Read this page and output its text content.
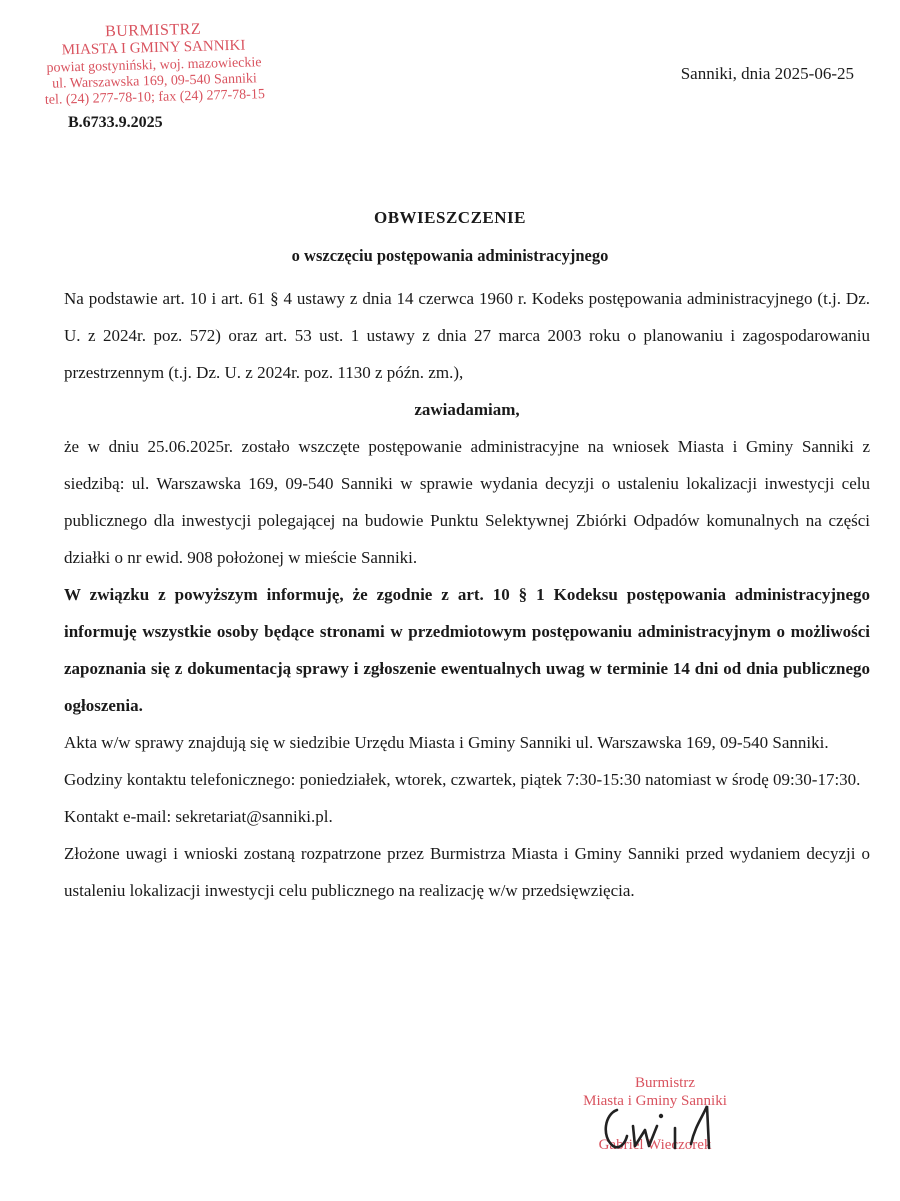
BURMISTRZ
MIASTA I GMINY SANNIKI
powiat gostyniński, woj. mazowieckie
ul. Warszawska 169, 09-540 Sanniki
tel. (24) 277-78-10; fax (24) 277-78-15
B.6733.9.2025
Sanniki, dnia 2025-06-25
OBWIESZCZENIE
o wszczęciu postępowania administracyjnego

Na podstawie art. 10 i art. 61 § 4 ustawy z dnia 14 czerwca 1960 r. Kodeks postępowania administracyjnego (t.j. Dz. U. z 2024r. poz. 572) oraz art. 53 ust. 1 ustawy z dnia 27 marca 2003 roku o planowaniu i zagospodarowaniu przestrzennym (t.j. Dz. U. z 2024r. poz. 1130 z późn. zm.),

zawiadamiam,

że w dniu 25.06.2025r. zostało wszczęte postępowanie administracyjne na wniosek Miasta i Gminy Sanniki z siedzibą: ul. Warszawska 169, 09-540 Sanniki w sprawie wydania decyzji o ustaleniu lokalizacji inwestycji celu publicznego dla inwestycji polegającej na budowie Punktu Selektywnej Zbiórki Odpadów komunalnych na części działki o nr ewid. 908 położonej w mieście Sanniki.

W związku z powyższym informuję, że zgodnie z art. 10 § 1 Kodeksu postępowania administracyjnego informuję wszystkie osoby będące stronami w przedmiotowym postępowaniu administracyjnym o możliwości zapoznania się z dokumentacją sprawy i zgłoszenie ewentualnych uwag w terminie 14 dni od dnia publicznego ogłoszenia.

Akta w/w sprawy znajdują się w siedzibie Urzędu Miasta i Gminy Sanniki ul. Warszawska 169, 09-540 Sanniki.

Godziny kontaktu telefonicznego: poniedziałek, wtorek, czwartek, piątek 7:30-15:30 natomiast w środę 09:30-17:30.

Kontakt e-mail: sekretariat@sanniki.pl.

Złożone uwagi i wnioski zostaną rozpatrzone przez Burmistrza Miasta i Gminy Sanniki przed wydaniem decyzji o ustaleniu lokalizacji inwestycji celu publicznego na realizację w/w przedsięwzięcia.

Burmistrz
Miasta i Gminy Sanniki
Gabriel Wieczorek
